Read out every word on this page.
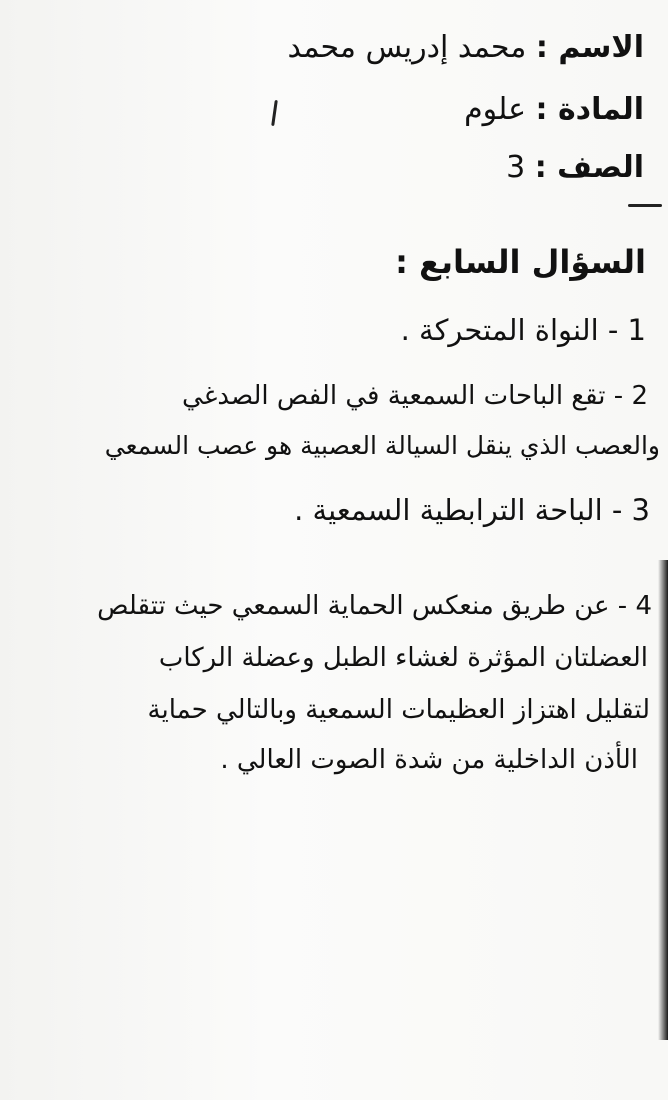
الاسم : محمد إدريس محمد
المادة : علوم
الصف : 3
السؤال السابع :
1 - النواة المتحركة .
2 - تقع الباحات السمعية في الفص الصدغي
والعصب الذي ينقل السيالة العصبية هو عصب السمعي
3 - الباحة الترابطية السمعية .
4 - عن طريق منعكس الحماية السمعي حيث تتقلص
العضلتان المؤثرة لغشاء الطبل وعضلة الركاب
لتقليل اهتزاز العظيمات السمعية وبالتالي حماية
الأذن الداخلية من شدة الصوت العالي .
